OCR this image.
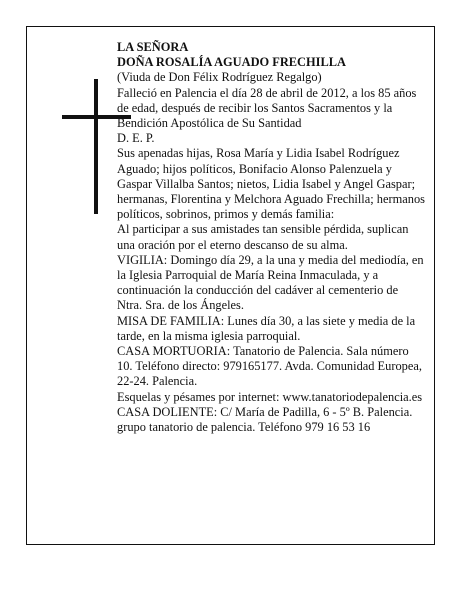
LA SEÑORA

DOÑA ROSALÍA AGUADO FRECHILLA

(Viuda de Don Félix Rodríguez Regalgo)

Falleció en Palencia el día 28 de abril de 2012, a los 85 años de edad, después de recibir los Santos Sacramentos y la Bendición Apostólica de Su Santidad

D. E. P.

Sus apenadas hijas, Rosa María y Lidia Isabel Rodríguez Aguado; hijos políticos, Bonifacio Alonso Palenzuela y Gaspar Villalba Santos; nietos, Lidia Isabel y Angel Gaspar; hermanas, Florentina y Melchora Aguado Frechilla; hermanos políticos, sobrinos, primos y demás familia:

Al participar a sus amistades tan sensible pérdida, suplican una oración por el eterno descanso de su alma.

VIGILIA: Domingo día 29, a la una y media del mediodía, en la Iglesia Parroquial de María Reina Inmaculada, y a continuación la conducción del cadáver al cementerio de Ntra. Sra. de los Ángeles.

MISA DE FAMILIA: Lunes día 30, a las siete y media de la tarde, en la misma iglesia parroquial.

CASA MORTUORIA: Tanatorio de Palencia. Sala número 10. Teléfono directo: 979165177. Avda. Comunidad Europea, 22-24. Palencia.

Esquelas y pésames por internet: www.tanatoriodepalencia.es

CASA DOLIENTE: C/ María de Padilla, 6 - 5º B. Palencia.

grupo tanatorio de palencia. Teléfono 979 16 53 16
